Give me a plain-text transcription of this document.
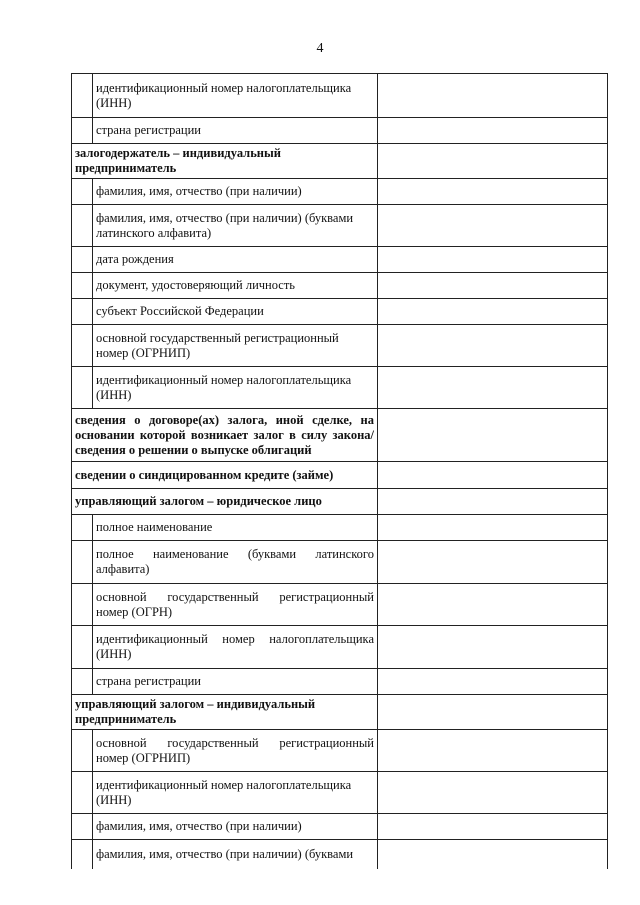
4
	идентификационный номер налогоплательщика (ИНН)	
	страна регистрации	
залогодержатель – индивидуальный предприниматель		
	фамилия, имя, отчество (при наличии)	
	фамилия, имя, отчество (при наличии) (буквами латинского алфавита)	
	дата рождения	
	документ, удостоверяющий личность	
	субъект Российской Федерации	
	основной государственный регистрационный номер (ОГРНИП)	
	идентификационный номер налогоплательщика (ИНН)	
сведения о договоре(ах) залога, иной сделке, на основании которой возникает залог в силу закона/сведения о решении о выпуске облигаций		
сведении о синдицированном кредите (займе)		
управляющий залогом – юридическое лицо		
	полное наименование	
	полное наименование (буквами латинского алфавита)	
	основной государственный регистрационный номер (ОГРН)	
	идентификационный номер налогоплательщика (ИНН)	
	страна регистрации	
управляющий залогом – индивидуальный предприниматель		
	основной государственный регистрационный номер (ОГРНИП)	
	идентификационный номер налогоплательщика (ИНН)	
	фамилия, имя, отчество (при наличии)	
	фамилия, имя, отчество (при наличии) (буквами	
